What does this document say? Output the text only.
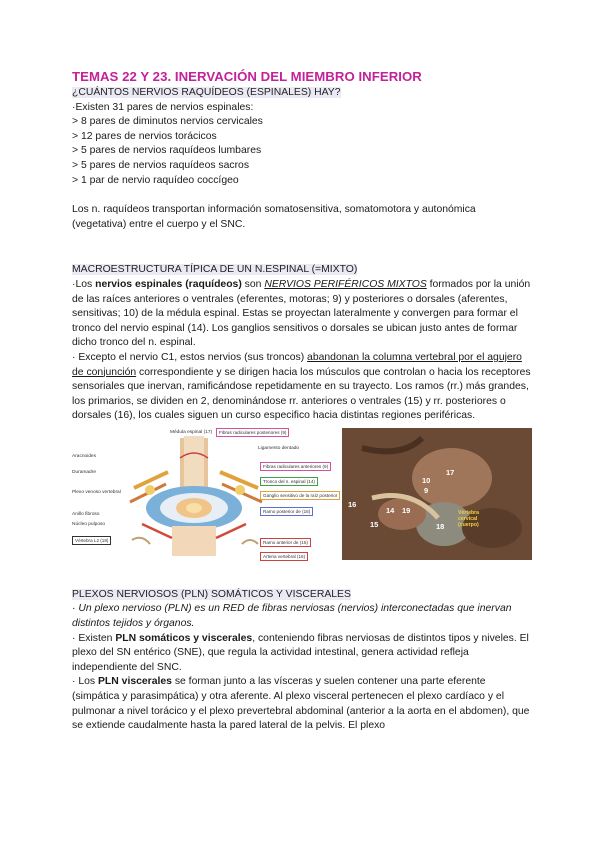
TEMAS 22 Y 23. INERVACIÓN DEL MIEMBRO INFERIOR
¿CUÁNTOS NERVIOS RAQUÍDEOS (ESPINALES) HAY?

·Existen 31 pares de nervios espinales:

> 8 pares de diminutos nervios cervicales

> 12 pares de nervios torácicos

> 5 pares de nervios raquídeos lumbares

> 5 pares de nervios raquídeos sacros

> 1 par de nervio raquídeo coccígeo

Los n. raquídeos transportan información somatosensitiva, somatomotora y autonómica (vegetativa) entre el cuerpo y el SNC.

MACROESTRUCTURA TÍPICA DE UN N.ESPINAL (=MIXTO)

·Los nervios espinales (raquídeos) son NERVIOS PERIFÉRICOS MIXTOS formados por la unión de las raíces anteriores o ventrales (eferentes, motoras; 9) y posteriores o dorsales (aferentes, sensitivas; 10) de la médula espinal. Estas se proyectan lateralmente y convergen para formar el tronco del nervio espinal (14). Los ganglios sensitivos o dorsales se ubican justo antes de formar dicho tronco del n. espinal.

· Excepto el nervio C1, estos nervios (sus troncos) abandonan la columna vertebral por el agujero de conjunción correspondiente y se dirigen hacia los músculos que controlan o hacia los receptores sensoriales que inervan, ramificándose repetidamente en su trayecto. Los ramos (rr.) más grandes, los primarios, se dividen en 2, denominándose rr. anteriores o ventrales (15) y rr. posteriores o dorsales (16), los cuales siguen un curso especifico hacia distintas regiones periféricas.

Médula espinal (17)	Fibras radiculares posteriores (9)
Ligamento dentado
Aracnoides
Duramadre
Fibras radiculares anteriores (9)
Tronco del n. espinal (14)
Plexo venoso vertebral
Ganglio sensitivo de la raíz posterior
Ramo posterior de (16)
Anillo fibroso
Núcleo pulposo
Ramo anterior de (15)
Vértebra L2 (18)
Arteria vertebral (16)
17
10
9
16
14 19
15	18
Vértebra cervical (cuerpo)
PLEXOS NERVIOSOS (PLN) SOMÁTICOS Y VISCERALES

· Un plexo nervioso (PLN) es un RED de fibras nerviosas (nervios) interconectadas que inervan distintos tejidos y órganos.

· Existen PLN somáticos y viscerales, conteniendo fibras nerviosas de distintos tipos y niveles. El plexo del SN entérico (SNE), que regula la actividad intestinal, genera actividad refleja independiente del SNC.

· Los PLN viscerales se forman junto a las vísceras y suelen contener una parte eferente (simpática y parasimpática) y otra aferente. Al plexo visceral pertenecen el plexo cardíaco y el pulmonar a nivel torácico y el plexo prevertebral abdominal (anterior a la aorta en el abdomen), que se extiende caudalmente hasta la pared lateral de la pelvis. El plexo
